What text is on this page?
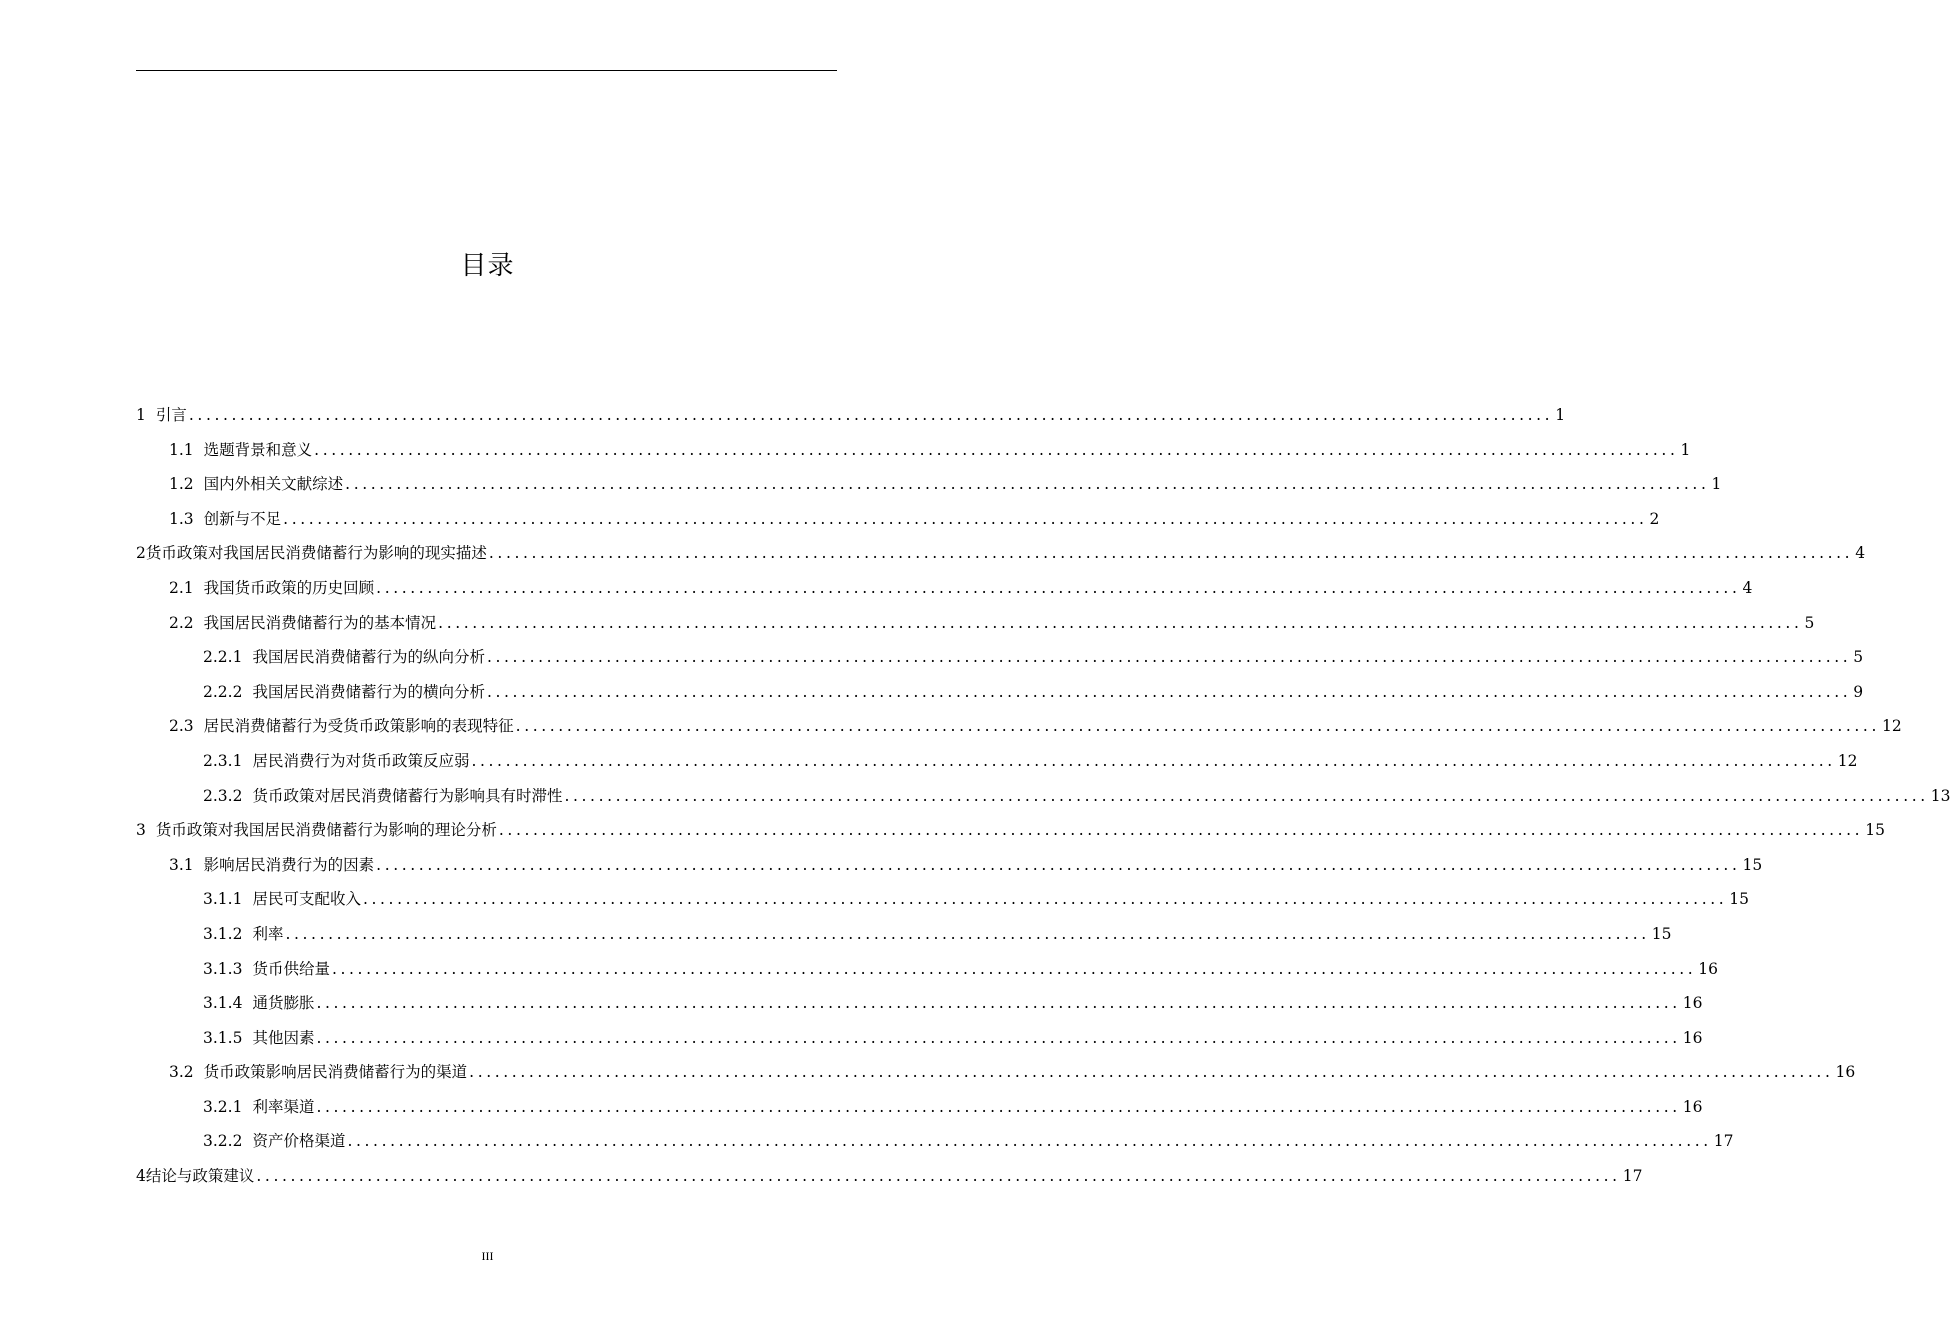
目录
1 引言 ................................................................................................................................................................ 1
1.1 选题背景和意义 ................................................................................................................................................................ 1
1.2 国内外相关文献综述 ................................................................................................................................................................ 1
1.3 创新与不足 ................................................................................................................................................................ 2
2 货币政策对我国居民消费储蓄行为影响的现实描述 ................................................................................................................................................................ 4
2.1 我国货币政策的历史回顾 ................................................................................................................................................................ 4
2.2 我国居民消费储蓄行为的基本情况 ................................................................................................................................................................ 5
2.2.1 我国居民消费储蓄行为的纵向分析 ................................................................................................................................................................ 5
2.2.2 我国居民消费储蓄行为的横向分析 ................................................................................................................................................................ 9
2.3 居民消费储蓄行为受货币政策影响的表现特征 ................................................................................................................................................................ 12
2.3.1 居民消费行为对货币政策反应弱 ................................................................................................................................................................ 12
2.3.2 货币政策对居民消费储蓄行为影响具有时滞性 ................................................................................................................................................................ 13
3 货币政策对我国居民消费储蓄行为影响的理论分析 ................................................................................................................................................................ 15
3.1 影响居民消费行为的因素 ................................................................................................................................................................ 15
3.1.1 居民可支配收入 ................................................................................................................................................................ 15
3.1.2 利率 ................................................................................................................................................................ 15
3.1.3 货币供给量 ................................................................................................................................................................ 16
3.1.4 通货膨胀 ................................................................................................................................................................ 16
3.1.5 其他因素 ................................................................................................................................................................ 16
3.2 货币政策影响居民消费储蓄行为的渠道 ................................................................................................................................................................ 16
3.2.1 利率渠道 ................................................................................................................................................................ 16
3.2.2 资产价格渠道 ................................................................................................................................................................ 17
4 结论与政策建议 ................................................................................................................................................................ 17
III
